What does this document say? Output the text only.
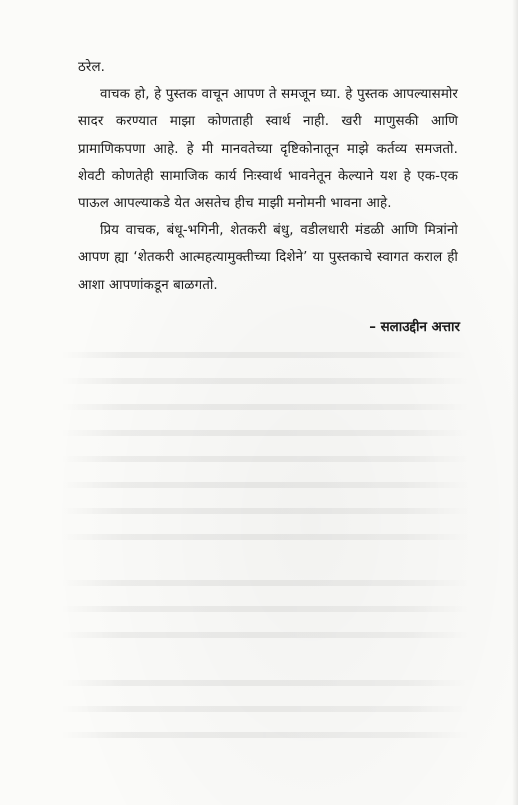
ठरेल.

वाचक हो, हे पुस्तक वाचून आपण ते समजून घ्या. हे पुस्तक आपल्यासमोर सादर करण्यात माझा कोणताही स्वार्थ नाही. खरी माणुसकी आणि प्रामाणिकपणा आहे. हे मी मानवतेच्या दृष्टिकोनातून माझे कर्तव्य समजतो. शेवटी कोणतेही सामाजिक कार्य निःस्वार्थ भावनेतून केल्याने यश हे एक-एक पाऊल आपल्याकडे येत असतेच हीच माझी मनोमनी भावना आहे.

प्रिय वाचक, बंधू-भगिनी, शेतकरी बंधु, वडीलधारी मंडळी आणि मित्रांनो आपण ह्या ‘शेतकरी आत्महत्यामुक्तीच्या दिशेने’ या पुस्तकाचे स्वागत कराल ही आशा आपणांकडून बाळगतो.

– सलाउद्दीन अत्तार
